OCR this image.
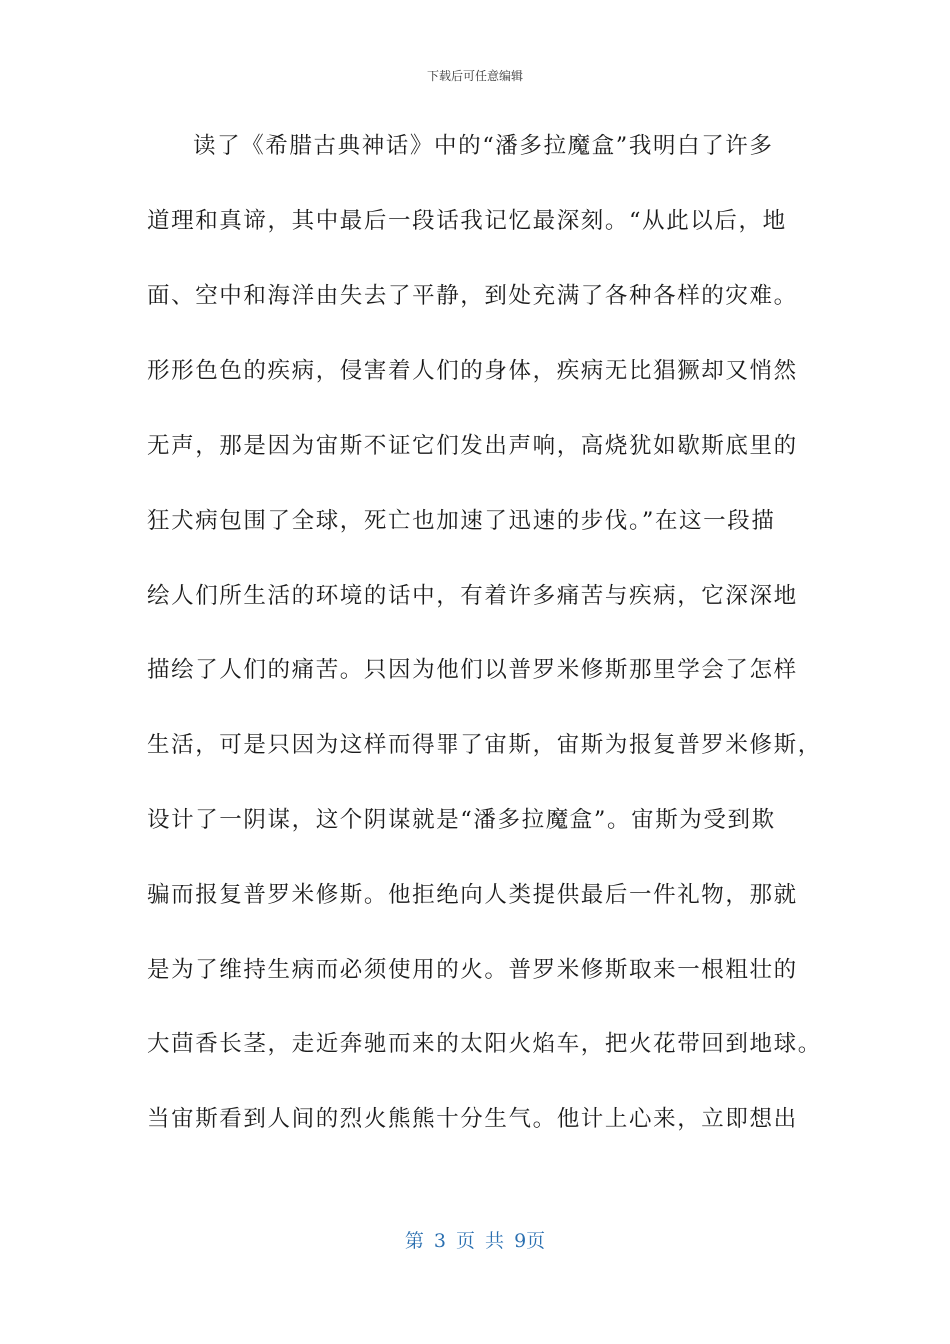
下载后可任意编辑
读了《希腊古典神话》中的“潘多拉魔盒”我明白了许多
道理和真谛，其中最后一段话我记忆最深刻。“从此以后，地
面、空中和海洋由失去了平静，到处充满了各种各样的灾难。
形形色色的疾病，侵害着人们的身体，疾病无比猖獗却又悄然
无声，那是因为宙斯不证它们发出声响，高烧犹如歇斯底里的
狂犬病包围了全球，死亡也加速了迅速的步伐。”在这一段描
绘人们所生活的环境的话中，有着许多痛苦与疾病，它深深地
描绘了人们的痛苦。只因为他们以普罗米修斯那里学会了怎样
生活，可是只因为这样而得罪了宙斯，宙斯为报复普罗米修斯，
设计了一阴谋，这个阴谋就是“潘多拉魔盒”。宙斯为受到欺
骗而报复普罗米修斯。他拒绝向人类提供最后一件礼物，那就
是为了维持生病而必须使用的火。普罗米修斯取来一根粗壮的
大茴香长茎，走近奔驰而来的太阳火焰车，把火花带回到地球。
当宙斯看到人间的烈火熊熊十分生气。他计上心来，立即想出
第 3 页 共 9页
